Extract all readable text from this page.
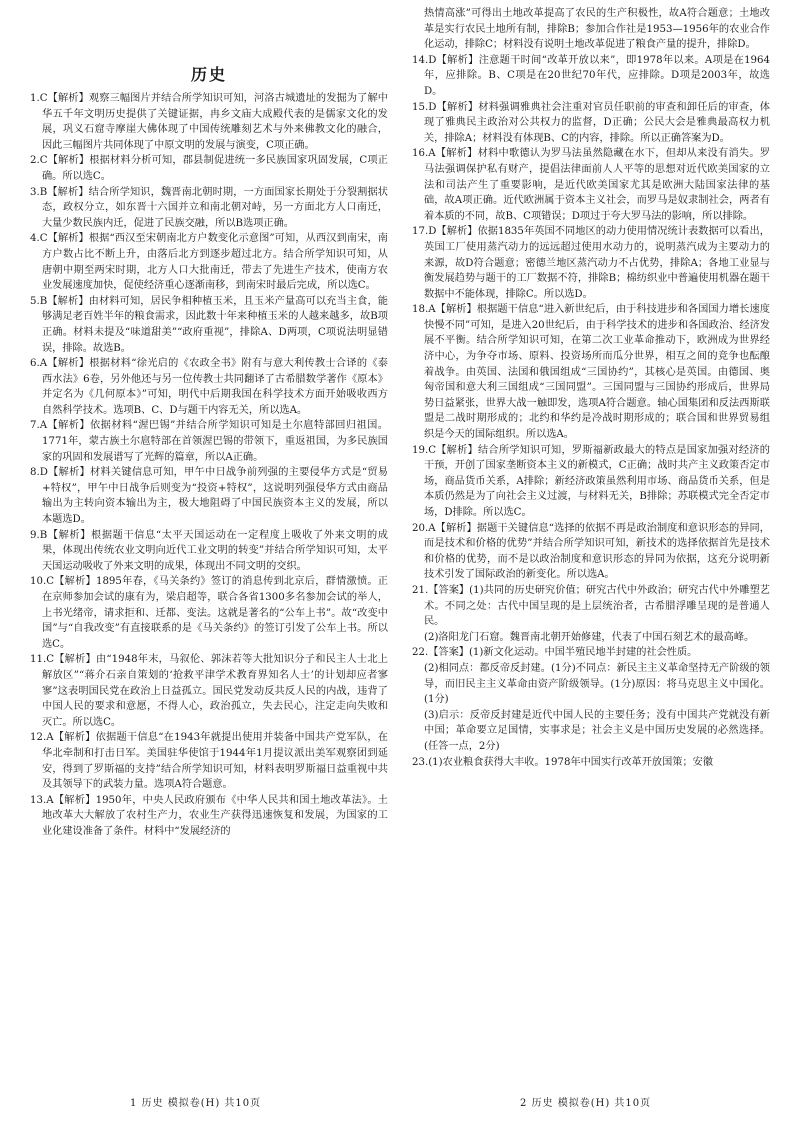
历史

1.C【解析】观察三幅图片并结合所学知识可知，河洛古城遗址的发掘为了解中华五千年文明历史提供了关键证据，冉乡文庙大成殿代表的是儒家文化的发展，巩义石窟寺摩崖大佛体现了中国传统雕刻艺术与外来佛教文化的融合，因此三幅图片共同体现了中原文明的发展与演变，C项正确。

2.C【解析】根据材料分析可知，郡县制促进统一多民族国家巩固发展，C项正确。所以选C。

3.B【解析】结合所学知识，魏晋南北朝时期，一方面国家长期处于分裂割据状态，政权分立，如东晋十六国并立和南北朝对峙，另一方面北方人口南迁，大量少数民族内迁，促进了民族交融，所以B选项正确。

4.C【解析】根据“西汉至宋朝南北方户数变化示意图”可知，从西汉到南宋，南方户数占比不断上升，由落后北方到逐步超过北方。结合所学知识可知，从唐朝中期至两宋时期，北方人口大批南迁，带去了先进生产技术，使南方农业发展速度加快，促使经济重心逐渐南移，到南宋时最后完成，所以选C。

5.B【解析】由材料可知，居民争相种植玉米，且玉米产量高可以充当主食，能够满足老百姓半年的粮食需求，因此数十年来种植玉米的人越来越多，故B项正确。材料未提及“味道甜美”“政府重视”，排除A、D两项，C项说法明显错误，排除。故选B。

6.A【解析】根据材料“徐光启的《农政全书》附有与意大利传教士合译的《泰西水法》6卷，另外他还与另一位传教士共同翻译了古希腊数学著作《原本》并定名为《几何原本》”可知，明代中后期我国在科学技术方面开始吸收西方自然科学技术。选项B、C、D与题干内容无关，所以选A。

7.A【解析】依据材料“渥巴锡”并结合所学知识可知是土尔扈特部回归祖国。1771年，蒙古族土尔扈特部在首领渥巴锡的带领下，重返祖国，为多民族国家的巩固和发展谱写了光辉的篇章，所以A正确。

8.D【解析】材料关键信息可知，甲午中日战争前列强的主要侵华方式是“贸易+特权”，甲午中日战争后则变为“投资+特权”，这说明列强侵华方式由商品输出为主转向资本输出为主，极大地阻碍了中国民族资本主义的发展，所以本题选D。

9.B【解析】根据题干信息“太平天国运动在一定程度上吸收了外来文明的成果，体现出传统农业文明向近代工业文明的转变”并结合所学知识可知，太平天国运动吸收了外来文明的成果，体现出不同文明的交织。

10.C【解析】1895年春，《马关条约》签订的消息传到北京后，群情激愤。正在京师参加会试的康有为，梁启超等，联合各省1300多名参加会试的举人，上书光绪帝，请求拒和、迁都、变法。这就是著名的“公车上书”。故“改变中国”与“自我改变”有直接联系的是《马关条约》的签订引发了公车上书。所以选C。

11.C【解析】由“1948年末，马叙伦、郭沫若等大批知识分子和民主人士北上解放区”“蒋介石亲自策划的‘抢救平津学术教育界知名人士’的计划却应者寥寥”这表明国民党在政治上日益孤立。国民党发动反共反人民的内战，违背了中国人民的要求和意愿，不得人心，政治孤立，失去民心，注定走向失败和灭亡。所以选C。

12.A【解析】依据题干信息“在1943年就提出使用并装备中国共产党军队，在华北牵制和打击日军。美国驻华使馆于1944年1月提议派出美军观察团到延安，得到了罗斯福的支持”结合所学知识可知，材料表明罗斯福日益重视中共及其领导下的武装力量。选项A符合题意。

13.A【解析】1950年，中央人民政府颁布《中华人民共和国土地改革法》。土地改革大大解放了农村生产力，农业生产获得迅速恢复和发展，为国家的工业化建设准备了条件。材料中“发展经济的

热情高涨”可得出土地改革提高了农民的生产积极性，故A符合题意；土地改革是实行农民土地所有制，排除B；参加合作社是1953—1956年的农业合作化运动，排除C；材料没有说明土地改革促进了粮食产量的提升，排除D。

14.D【解析】注意题干时间“改革开放以来”，即1978年以来。A项是在1964年，应排除。B、C项是在20世纪70年代，应排除。D项是2003年，故选D。

15.D【解析】材料强调雅典社会注重对官员任职前的审查和卸任后的审查，体现了雅典民主政治对公共权力的监督，D正确；公民大会是雅典最高权力机关，排除A；材料没有体现B、C的内容，排除。所以正确答案为D。

16.A【解析】材料中歌德认为罗马法虽然隐藏在水下，但却从来没有消失。罗马法强调保护私有财产，提倡法律面前人人平等的思想对近代欧美国家的立法和司法产生了重要影响，是近代欧美国家尤其是欧洲大陆国家法律的基础，故A项正确。近代欧洲属于资本主义社会，而罗马是奴隶制社会，两者有着本质的不同，故B、C项错误；D项过于夸大罗马法的影响，所以排除。

17.D【解析】依据1835年英国不同地区的动力使用情况统计表数据可以看出，英国工厂使用蒸汽动力的远远超过使用水动力的，说明蒸汽成为主要动力的来源，故D符合题意；密德兰地区蒸汽动力不占优势，排除A；各地工业显与衡发展趋势与题干的工厂数据不符，排除B；棉纺织业中普遍使用机器在题干数据中不能体现，排除C。所以选D。

18.A【解析】根据题干信息“进入新世纪后，由于科技进步和各国国力增长速度快慢不同”可知，是进入20世纪后，由于科学技术的进步和各国政治、经济发展不平衡。结合所学知识可知，在第二次工业革命推动下，欧洲成为世界经济中心，为争夺市场、原料、投资场所而瓜分世界，相互之间的竞争也酝酿着战争。由英国、法国和俄国组成“三国协约”，其核心是英国。由德国、奥匈帝国和意大利三国组成“三国同盟”。三国同盟与三国协约形成后，世界局势日益紧张，世界大战一触即发，选项A符合题意。轴心国集团和反法西斯联盟是二战时期形成的；北约和华约是冷战时期形成的；联合国和世界贸易组织是今天的国际组织。所以选A。

19.C【解析】结合所学知识可知，罗斯福新政最大的特点是国家加强对经济的干预，开创了国家垄断资本主义的新模式，C正确；战时共产主义政策否定市场，商品货币关系，A排除；新经济政策虽然利用市场、商品货币关系，但是本质仍然是为了向社会主义过渡，与材料无关，B排除；苏联模式完全否定市场，D排除。所以选C。

20.A【解析】据题干关键信息“选择的依据不再是政治制度和意识形态的异同，而是技术和价格的优势”并结合所学知识可知，新技术的选择依据首先是技术和价格的优势，而不是以政治制度和意识形态的异同为依据，这充分说明新技术引发了国际政治的新变化。所以选A。

21.【答案】(1)共同的历史研究价值；研究古代中外政治；研究古代中外雕塑艺术。不同之处：古代中国呈现的是上层统治者，古希腊浮雕呈现的是普通人民。
(2)洛阳龙门石窟。魏晋南北朝开始修建，代表了中国石刻艺术的最高峰。

22.【答案】(1)新文化运动。中国半殖民地半封建的社会性质。
(2)相同点：都反帝反封建。(1分)不同点：新民主主义革命坚持无产阶级的领导，而旧民主主义革命由资产阶级领导。(1分)原因：将马克思主义中国化。(1分)
(3)启示：反帝反封建是近代中国人民的主要任务；没有中国共产党就没有新中国；革命要立足国情，实事求是；社会主义是中国历史发展的必然选择。(任答一点，2分)

23.(1)农业粮食获得大丰收。1978年中国实行改革开放国策；安徽

1 历史 模拟卷(H) 共10页	2 历史 模拟卷(H) 共10页
